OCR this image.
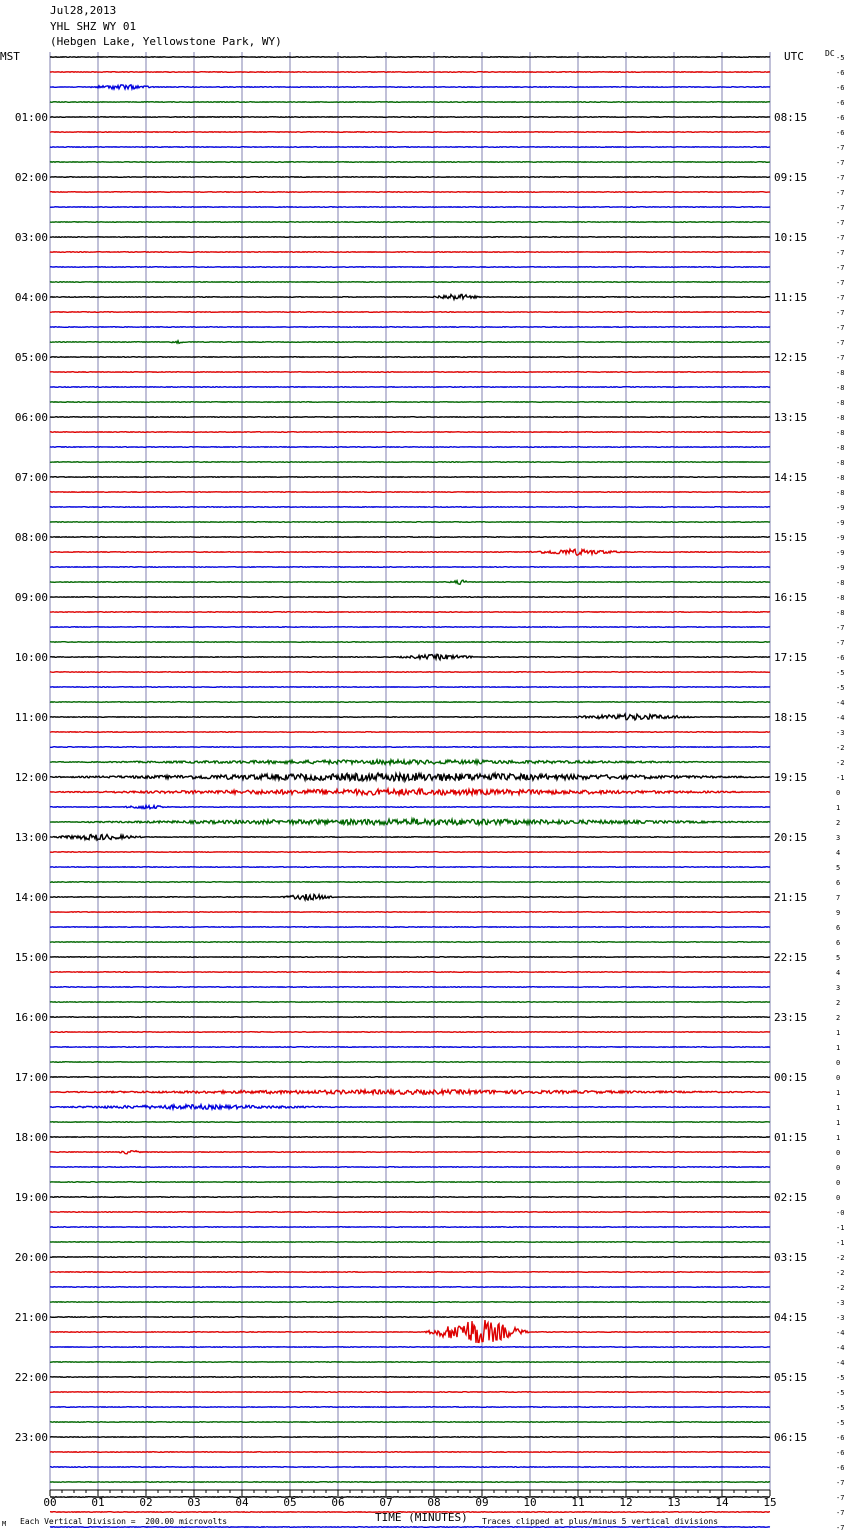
Jul28,2013
YHL SHZ WY 01
(Hebgen Lake, Yellowstone Park, WY)
MST	UTC	DC -5
-6
-6
-6
-6
-6
-7
-7
-7
-7
-7
-7
-7
-7
-7
-7
-7
-7
-7
-7
-7
-8
-8
-8
-8
-8
-8
-8
-8
-8
-9
-9
-9
-9
-9
-8
-8
-8
-7
-7
-6
-5
-5
-4
-4
-3
-2
-2
-1
0
1
2
3
4
5
6
7
9
6
6
5
4
3
2
2
1
1
0
0
1
1
1
1
0
0
0
0
-0
-1
-1
-2
-2
-2
-3
-3
-4
-4
-4
-5
-5
-5
-5
-6
-6
-6
-7
-7
-7
-7
01:00
02:00
03:00
04:00
05:00
06:00
07:00
08:00
09:00
10:00
11:00
12:00
13:00
14:00
15:00
16:00
17:00
18:00
19:00
20:00
21:00
22:00
23:00
08:15
09:15
10:15
11:15
12:15
13:15
14:15
15:15
16:15
17:15
18:15
19:15
20:15
21:15
22:15
23:15
00:15
01:15
02:15
03:15
04:15
05:15
06:15
00	01	02	03	04	05	06	07	08	09	10	11	12	13	14	15
TIME (MINUTES)
Each Vertical Division =  200.00 microvolts	Traces clipped at plus/minus 5 vertical divisions
M
